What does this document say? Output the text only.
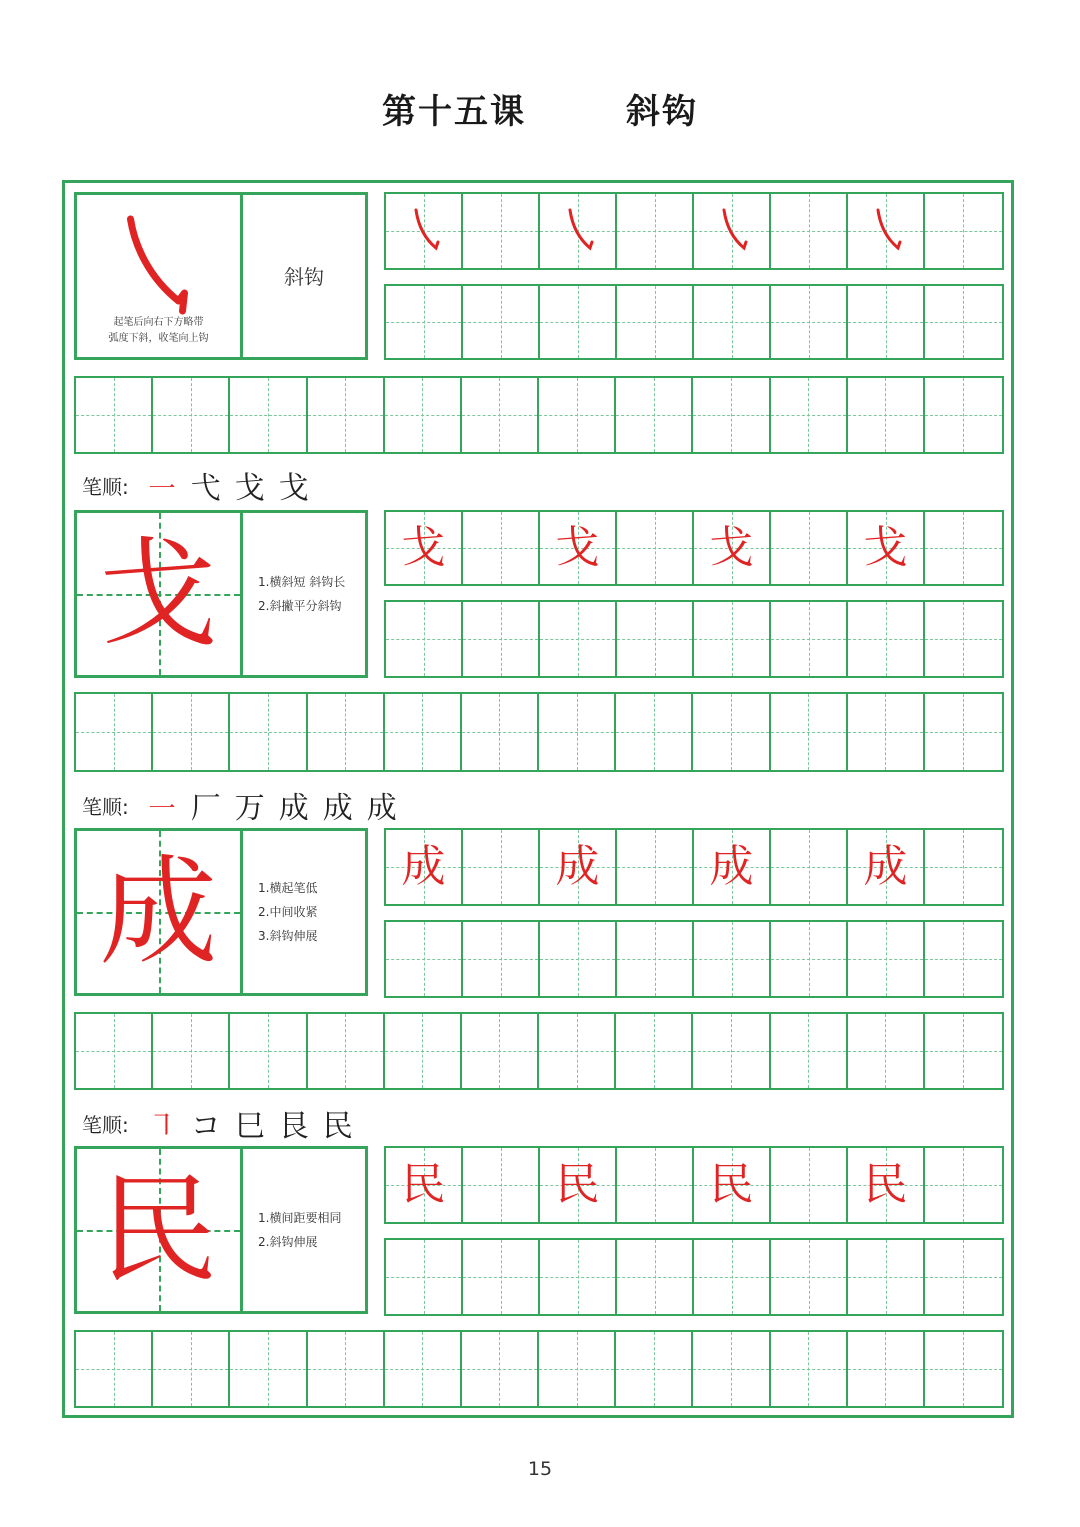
第十五课	斜钩
起笔后向右下方略带
弧度下斜，收笔向上钩
斜钩
笔顺: ㇐ 弋 戈 戈
戈	1.横斜短 斜钩长
2.斜撇平分斜钩
戈	戈	戈	戈
笔顺: ㇐ 厂 万 成 成 成
成	1.横起笔低
2.中间收紧
3.斜钩伸展
成	成	成	成
笔顺: ㇕ コ 巳 艮 民
民	1.横间距要相同
2.斜钩伸展
民	民	民	民
15
